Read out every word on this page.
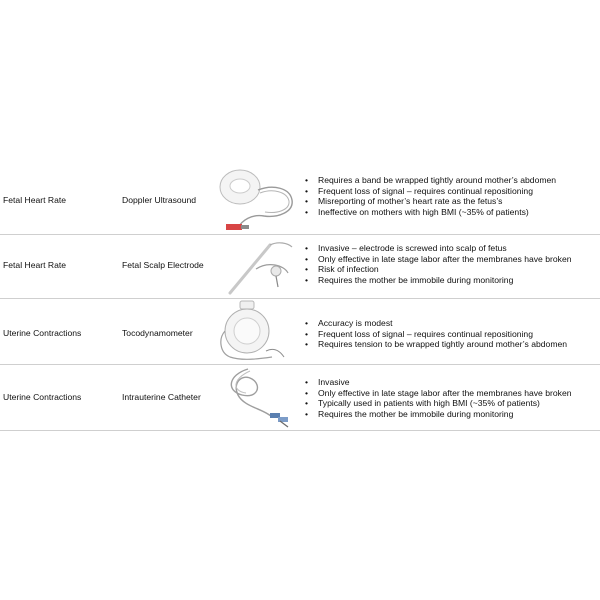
Fetal Heart Rate	Doppler Ultrasound
• Requires a band be wrapped tightly around mother’s abdomen
• Frequent loss of signal – requires continual repositioning
• Misreporting of mother’s heart rate as the fetus’s
• Ineffective on mothers with high BMI (~35% of patients)
Fetal Heart Rate	Fetal Scalp Electrode
• Invasive – electrode is screwed into scalp of fetus
• Only effective in late stage labor after the membranes have broken
• Risk of infection
• Requires the mother be immobile during monitoring
Uterine Contractions	Tocodynamometer
• Accuracy is modest
• Frequent loss of signal – requires continual repositioning
• Requires tension to be wrapped tightly around mother’s abdomen
Uterine Contractions	Intrauterine Catheter
• Invasive
• Only effective in late stage labor after the membranes have broken
• Typically used in patients with high BMI (~35% of patients)
• Requires the mother be immobile during monitoring
